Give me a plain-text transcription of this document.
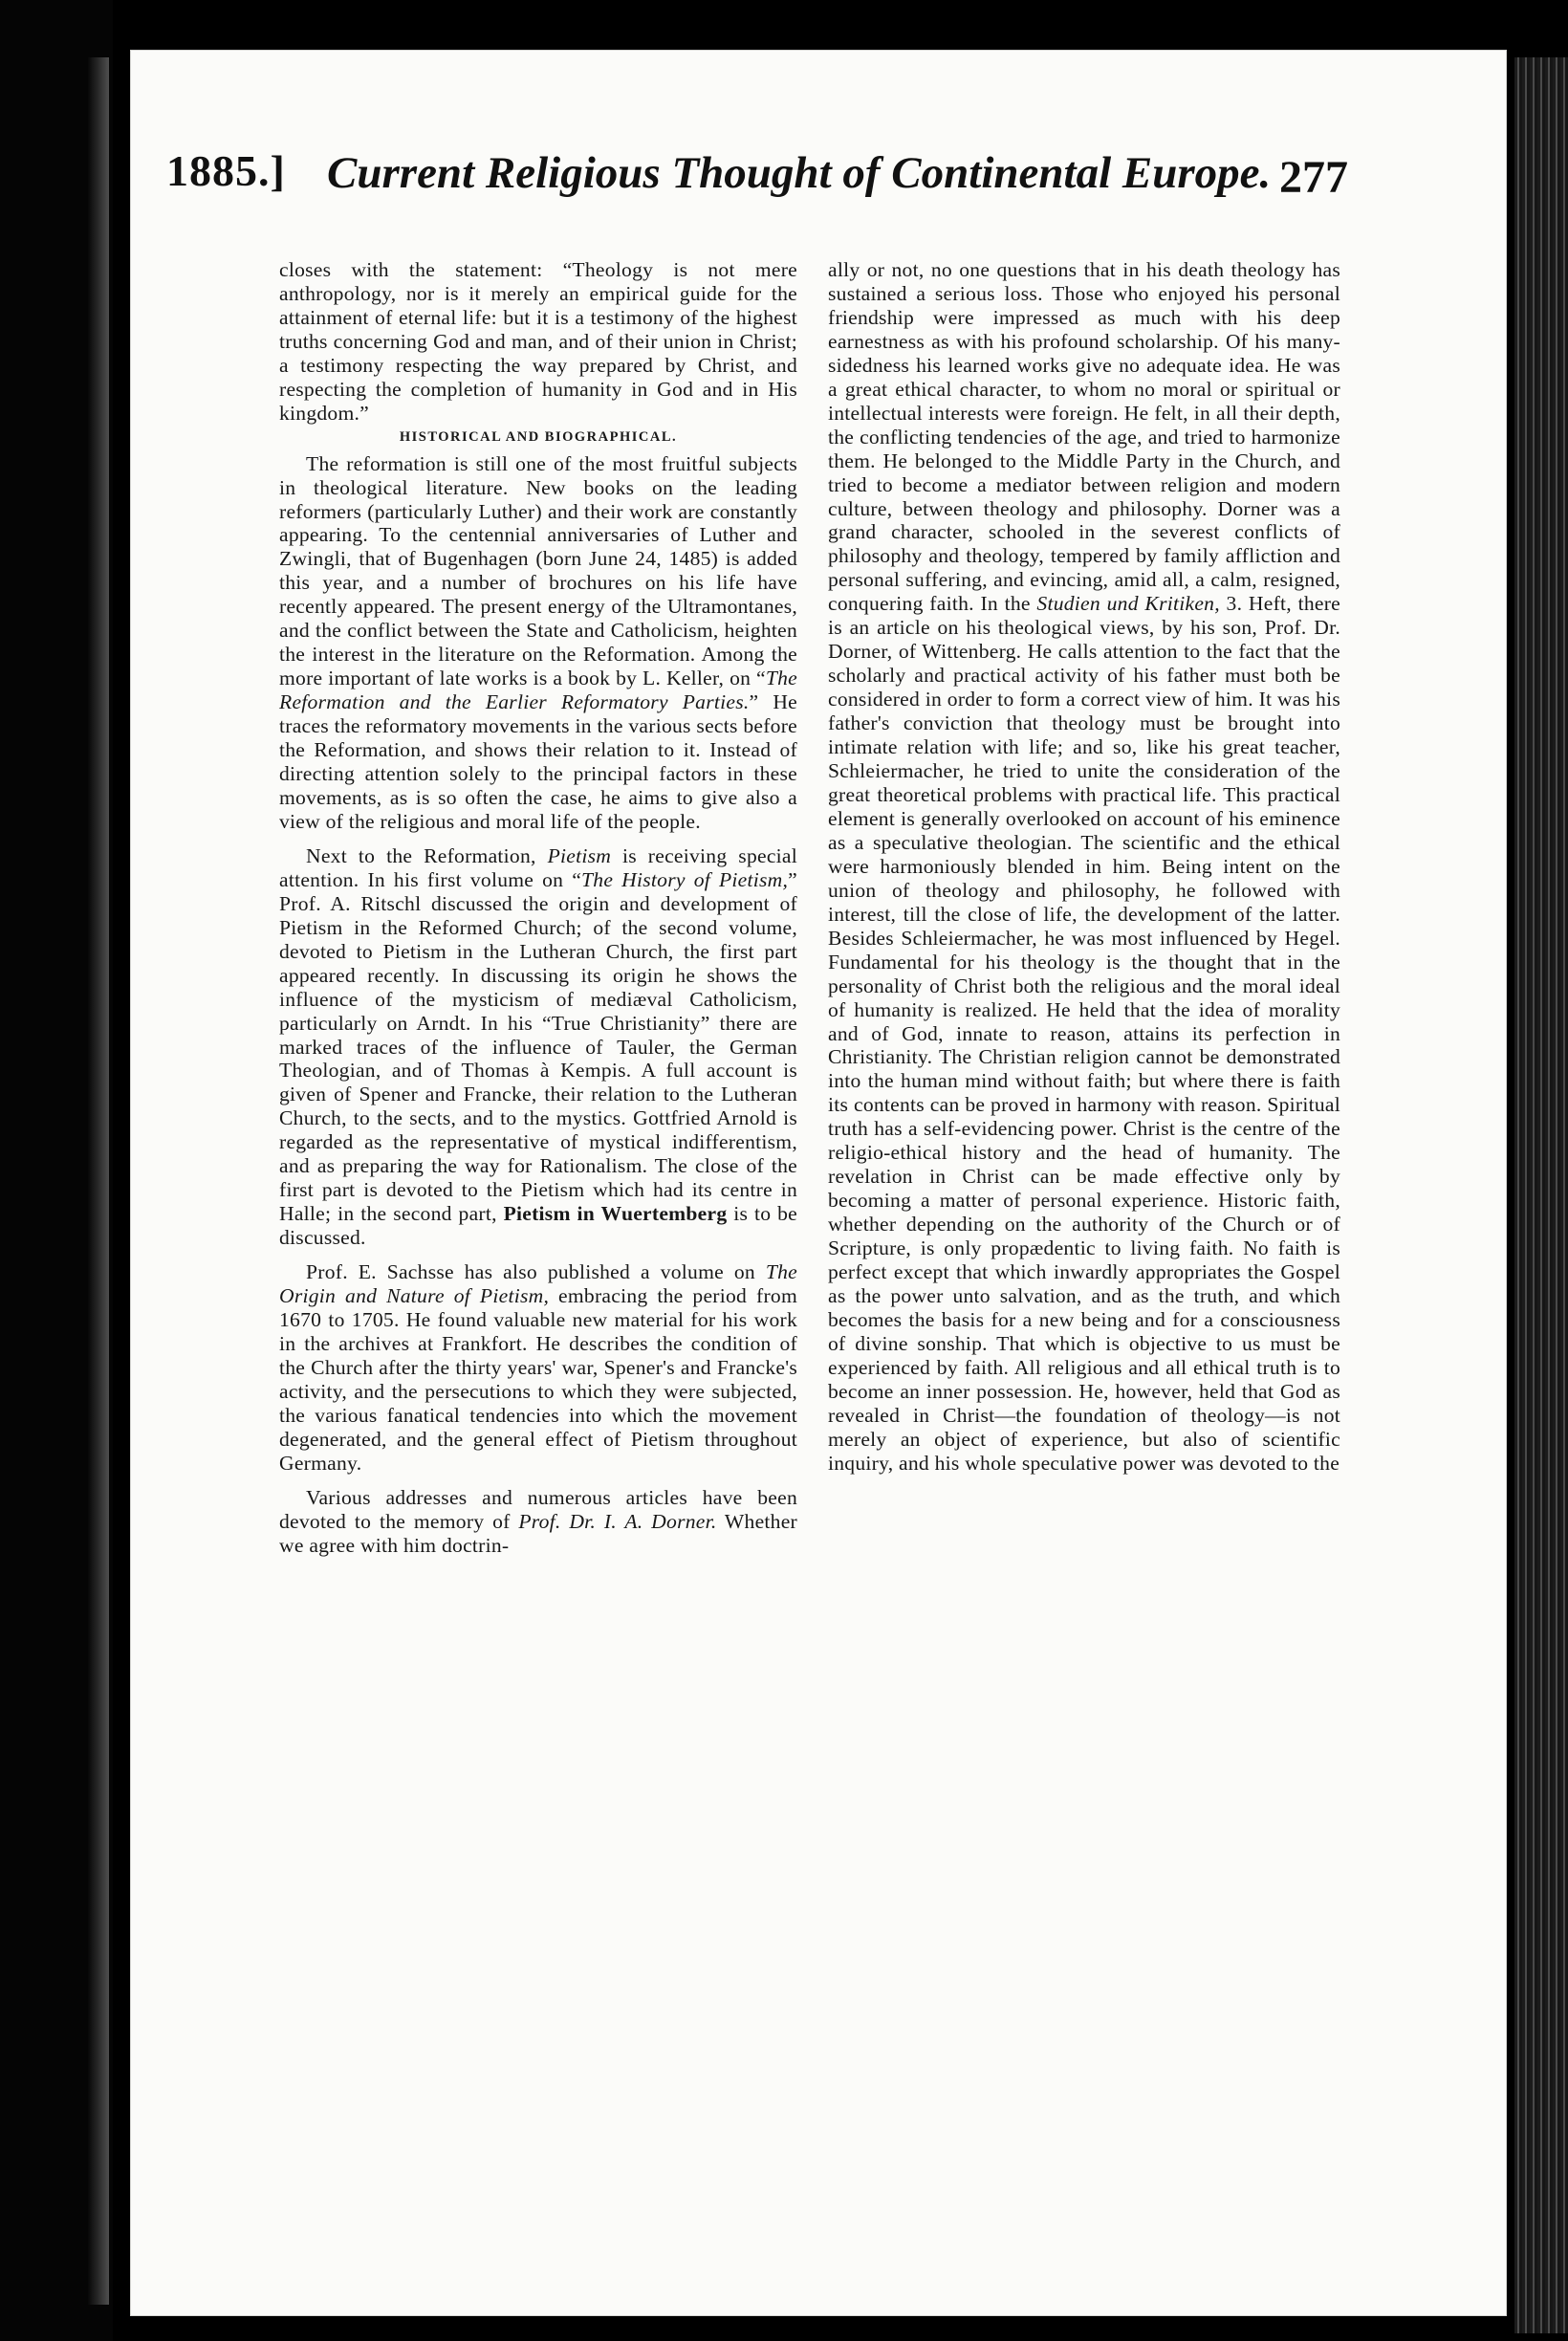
1885.] Current Religious Thought of Continental Europe. 277

closes with the statement: “Theology is not mere anthropology, nor is it merely an empirical guide for the attainment of eternal life: but it is a testimony of the highest truths concerning God and man, and of their union in Christ; a testimony respecting the way prepared by Christ, and respecting the completion of humanity in God and in His kingdom.”

HISTORICAL AND BIOGRAPHICAL.

The reformation is still one of the most fruitful subjects in theological literature. New books on the leading reformers (particularly Luther) and their work are constantly appearing. To the centennial anniversaries of Luther and Zwingli, that of Bugenhagen (born June 24, 1485) is added this year, and a number of brochures on his life have recently appeared. The present energy of the Ultramontanes, and the conflict between the State and Catholicism, heighten the interest in the literature on the Reformation. Among the more important of late works is a book by L. Keller, on “The Reformation and the Earlier Reformatory Parties.” He traces the reformatory movements in the various sects before the Reformation, and shows their relation to it. Instead of directing attention solely to the principal factors in these movements, as is so often the case, he aims to give also a view of the religious and moral life of the people.

Next to the Reformation, Pietism is receiving special attention. In his first volume on “The History of Pietism,” Prof. A. Ritschl discussed the origin and development of Pietism in the Reformed Church; of the second volume, devoted to Pietism in the Lutheran Church, the first part appeared recently. In discussing its origin he shows the influence of the mysticism of mediæval Catholicism, particularly on Arndt. In his “True Christianity” there are marked traces of the influence of Tauler, the German Theologian, and of Thomas à Kempis. A full account is given of Spener and Francke, their relation to the Lutheran Church, to the sects, and to the mystics. Gottfried Arnold is regarded as the representative of mystical indifferentism, and as preparing the way for Rationalism. The close of the first part is devoted to the Pietism which had its centre in Halle; in the second part, Pietism in Wuertemberg is to be discussed.

Prof. E. Sachsse has also published a volume on The Origin and Nature of Pietism, embracing the period from 1670 to 1705. He found valuable new material for his work in the archives at Frankfort. He describes the condition of the Church after the thirty years' war, Spener's and Francke's activity, and the persecutions to which they were subjected, the various fanatical tendencies into which the movement degenerated, and the general effect of Pietism throughout Germany.

Various addresses and numerous articles have been devoted to the memory of Prof. Dr. I. A. Dorner. Whether we agree with him doctrin-

ally or not, no one questions that in his death theology has sustained a serious loss. Those who enjoyed his personal friendship were impressed as much with his deep earnestness as with his profound scholarship. Of his many-sidedness his learned works give no adequate idea. He was a great ethical character, to whom no moral or spiritual or intellectual interests were foreign. He felt, in all their depth, the conflicting tendencies of the age, and tried to harmonize them. He belonged to the Middle Party in the Church, and tried to become a mediator between religion and modern culture, between theology and philosophy. Dorner was a grand character, schooled in the severest conflicts of philosophy and theology, tempered by family affliction and personal suffering, and evincing, amid all, a calm, resigned, conquering faith. In the Studien und Kritiken, 3. Heft, there is an article on his theological views, by his son, Prof. Dr. Dorner, of Wittenberg. He calls attention to the fact that the scholarly and practical activity of his father must both be considered in order to form a correct view of him. It was his father's conviction that theology must be brought into intimate relation with life; and so, like his great teacher, Schleiermacher, he tried to unite the consideration of the great theoretical problems with practical life. This practical element is generally overlooked on account of his eminence as a speculative theologian. The scientific and the ethical were harmoniously blended in him. Being intent on the union of theology and philosophy, he followed with interest, till the close of life, the development of the latter. Besides Schleiermacher, he was most influenced by Hegel. Fundamental for his theology is the thought that in the personality of Christ both the religious and the moral ideal of humanity is realized. He held that the idea of morality and of God, innate to reason, attains its perfection in Christianity. The Christian religion cannot be demonstrated into the human mind without faith; but where there is faith its contents can be proved in harmony with reason. Spiritual truth has a self-evidencing power. Christ is the centre of the religio-ethical history and the head of humanity. The revelation in Christ can be made effective only by becoming a matter of personal experience. Historic faith, whether depending on the authority of the Church or of Scripture, is only propædentic to living faith. No faith is perfect except that which inwardly appropriates the Gospel as the power unto salvation, and as the truth, and which becomes the basis for a new being and for a consciousness of divine sonship. That which is objective to us must be experienced by faith. All religious and all ethical truth is to become an inner possession. He, however, held that God as revealed in Christ—the foundation of theology—is not merely an object of experience, but also of scientific inquiry, and his whole speculative power was devoted to the
